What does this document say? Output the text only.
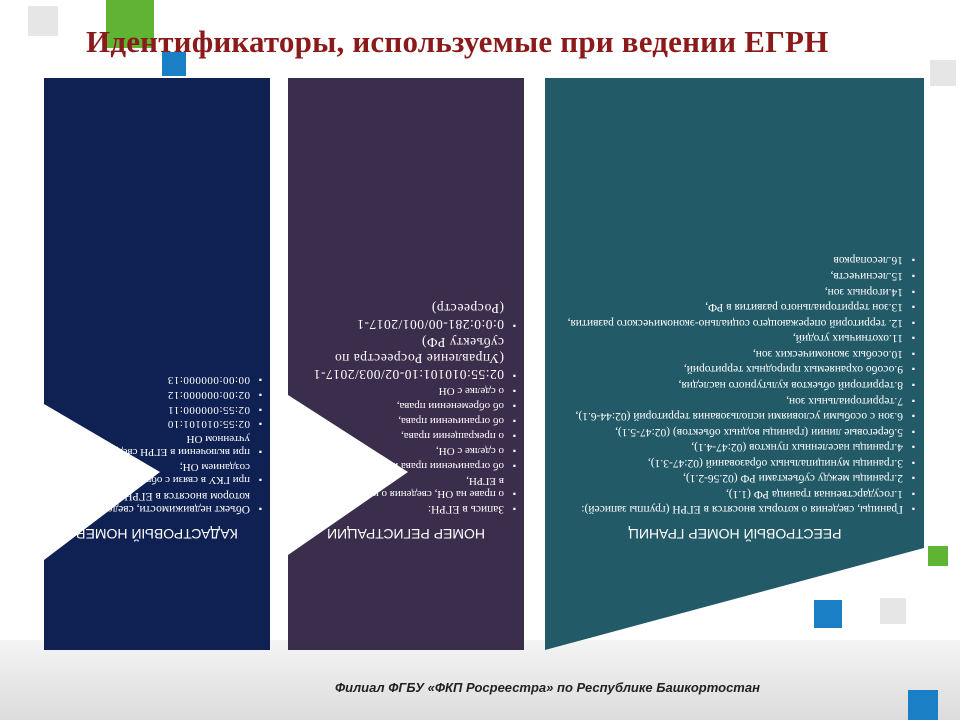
Идентификаторы, используемые при ведении ЕГРН
КАДАСТРОВЫЙ НОМЕР
▪ Объект недвижимости, сведения о котором вносятся в ЕГРН:
▪ при ГКУ в связи с образованием или созданием ОН;
▪ при включении в ЕГРН сведений о ранее учтенном ОН
▪ 02:55:010101:10
▪ 02:55:000000:11
▪ 02:00:000000:12
▪ 00:00:000000:13
НОМЕР РЕГИСТРАЦИИ
▪ Запись в ЕГРН:
▪ о праве на ОН, сведения о котором внесены в ЕГРН,
▪ об ограничении права или обременении ОН,
▪ о сделке с ОН,
▪ о прекращении права,
▪ об ограничении права,
▪ об обременении права,
▪ о сделке с ОН
▪ 02:55:010101:10-02/003/2017-1 (Управление Росреестра по субъекту РФ)
▪ 0:0:0:281-00/001/2017-1 (Росреестр)
РЕЕСТРОВЫЙ НОМЕР ГРАНИЦ
▪ Границы, сведения о которых вносятся в ЕГРН (группы записей):
▪ 1.государственная граница РФ (1.1),
▪ 2.границы между субъектами РФ (02.56-2.1),
▪ 3.границы муниципальных образований (02:47-3.1),
▪ 4.границы населенных пунктов (02:47-4.1),
▪ 5.береговые линии (границы водных объектов) (02:47-5.1),
▪ 6.зон с особыми условиями использования территорий (02:44-6.1),
▪ 7.территориальных зон,
▪ 8.территорий объектов культурного наследия,
▪ 9.особо охраняемых природных территорий,
▪ 10.особых экономических зон,
▪ 11.охотничьих угодий,
▪ 12. территорий опережающего социально-экономического развития,
▪ 13.зон территориального развития в РФ,
▪ 14.игорных зон,
▪ 15.лесничеств,
▪ 16.лесопарков
Филиал ФГБУ «ФКП Росреестра» по Республике Башкортостан
